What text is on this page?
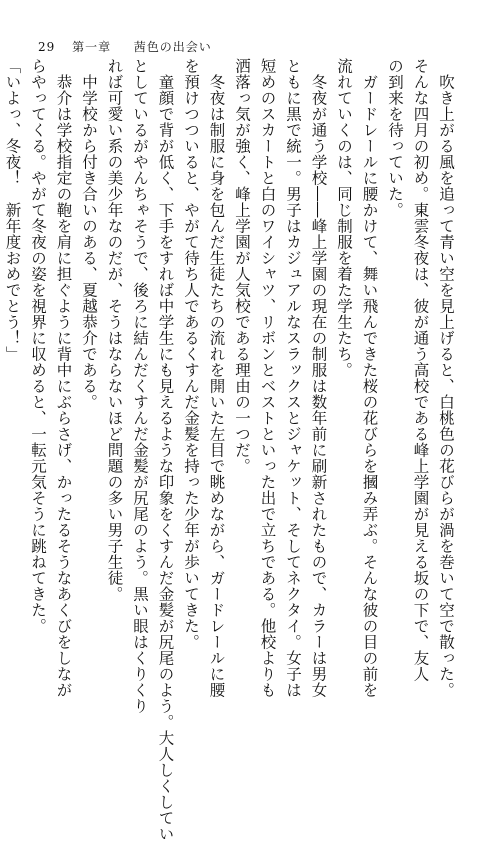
29 第一章 　 茜色の出会い
吹き上がる風を追って青い空を見上げると、白桃色の花びらが渦を巻いて空で散った。
そんな四月の初め。東雲冬夜は、彼が通う高校である峰上学園が見える坂の下で、友人
の到来を待っていた。
ガードレールに腰かけて、舞い飛んできた桜の花びらを摑み弄ぶ。そんな彼の目の前を
流れていくのは、同じ制服を着た学生たち。
冬夜が通う学校――峰上学園の現在の制服は数年前に刷新されたもので、カラーは男女
ともに黒で統一。男子はカジュアルなスラックスとジャケット、そしてネクタイ。女子は
短めのスカートと白のワイシャツ、リボンとベストといった出で立ちである。他校よりも
洒落っ気が強く、峰上学園が人気校である理由の一つだ。
冬夜は制服に身を包んだ生徒たちの流れを開いた左目で眺めながら、ガードレールに腰
を預けつついると、やがて待ち人であるくすんだ金髪を持った少年が歩いてきた。
童顔で背が低く、下手をすれば中学生にも見えるような印象をくすんだ金髪が尻尾のよう。大人しくしてい
としているがやんちゃそうで、後ろに結んだくすんだ金髪が尻尾のよう。黒い眼はくりくり
れば可愛い系の美少年なのだが、そうはならないほど問題の多い男子生徒。
中学校から付き合いのある、夏越恭介である。
恭介は学校指定の鞄を肩に担ぐように背中にぶらさげ、かったるそうなあくびをしなが
らやってくる。やがて冬夜の姿を視界に収めると、一転元気そうに跳ねてきた。
「いよっ、冬夜！　新年度おめでとう！」
